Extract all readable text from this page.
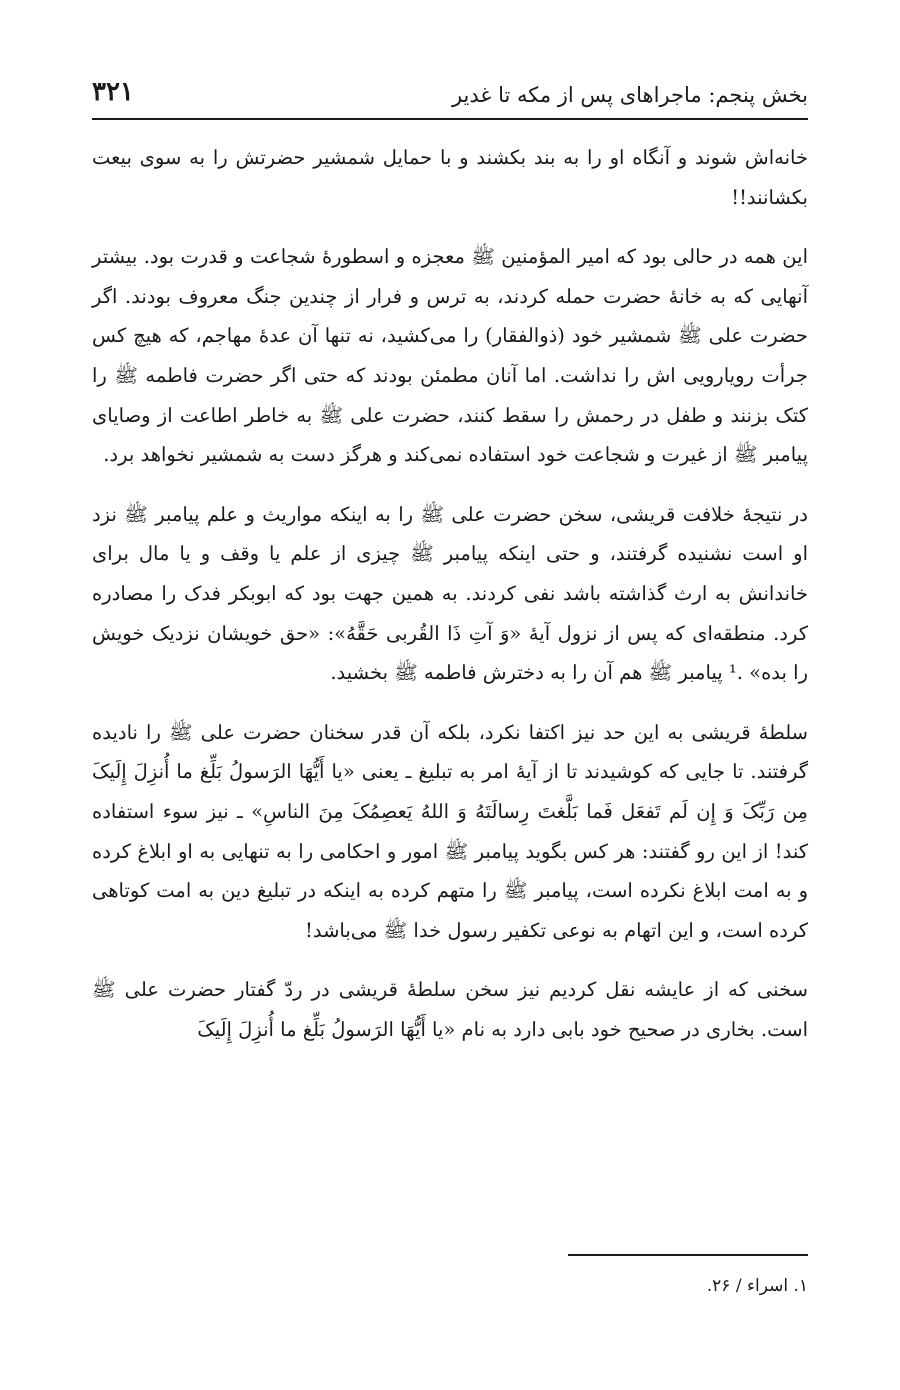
۳۲۱	بخش پنجم: ماجراهای پس از مکه تا غدیر

خانه‌اش شوند و آنگاه او را به بند بکشند و با حمایل شمشیر حضرتش را به سوی بیعت بکشانند!!

این همه در حالی بود که امیر المؤمنین ﷺ معجزه و اسطورهٔ شجاعت و قدرت بود. بیشتر آنهایی که به خانهٔ حضرت حمله کردند، به ترس و فرار از چندین جنگ معروف بودند. اگر حضرت علی ﷺ شمشیر خود (ذوالفقار) را می‌کشید، نه تنها آن عدهٔ مهاجم، که هیچ کس جرأت رویارویی اش را نداشت. اما آنان مطمئن بودند که حتی اگر حضرت فاطمه ﷺ را کتک بزنند و طفل در رحمش را سقط کنند، حضرت علی ﷺ به خاطر اطاعت از وصایای پیامبر ﷺ از غیرت و شجاعت خود استفاده نمی‌کند و هرگز دست به شمشیر نخواهد برد.

در نتیجهٔ خلافت قریشی، سخن حضرت علی ﷺ را به اینکه مواریث و علم پیامبر ﷺ نزد او است نشنیده گرفتند، و حتی اینکه پیامبر ﷺ چیزی از علم یا وقف و یا مال برای خاندانش به ارث گذاشته باشد نفی کردند. به همین جهت بود که ابوبکر فدک را مصادره کرد. منطقه‌ای که پس از نزول آیهٔ «وَ آتِ ذَا القُربی حَقَّهُ»: «حق خویشان نزدیک خویش را بده» .¹ پیامبر ﷺ هم آن را به دخترش فاطمه ﷺ بخشید.

سلطهٔ قریشی به این حد نیز اکتفا نکرد، بلکه آن قدر سخنان حضرت علی ﷺ را نادیده گرفتند. تا جایی که کوشیدند تا از آیهٔ امر به تبلیغ ـ یعنی «یا أَیُّهَا الرَسولُ بَلِّغ ما أُنزِلَ إِلَیکَ مِن رَبِّکَ وَ إِن لَم تَفعَل فَما بَلَّغتَ رِسالَتَهُ وَ اللهُ یَعصِمُکَ مِنَ الناسِ» ـ نیز سوء استفاده کند! از این رو گفتند: هر کس بگوید پیامبر ﷺ امور و احکامی را به تنهایی به او ابلاغ کرده و به امت ابلاغ نکرده است، پیامبر ﷺ را متهم کرده به اینکه در تبلیغ دین به امت کوتاهی کرده است، و این اتهام به نوعی تکفیر رسول خدا ﷺ می‌باشد!

سخنی که از عایشه نقل کردیم نیز سخن سلطهٔ قریشی در ردّ گفتار حضرت علی ﷺ است. بخاری در صحیح خود بابی دارد به نام «یا أَیُّهَا الرَسولُ بَلِّغ ما أُنزِلَ إِلَیکَ

۱. اسراء / ۲۶.
